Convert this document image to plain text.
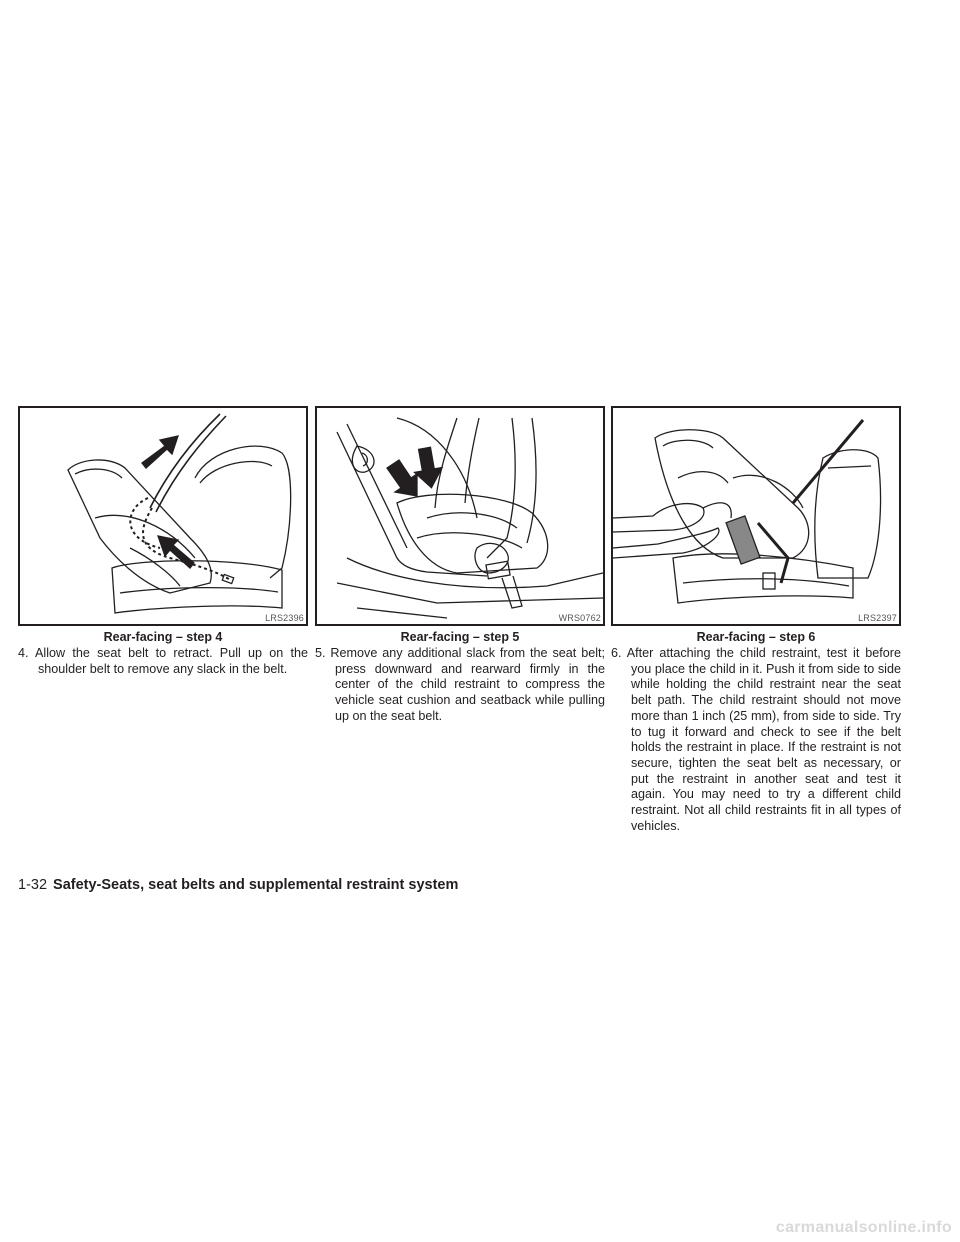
LRS2396
Rear-facing – step 4
4. Allow the seat belt to retract. Pull up on the shoulder belt to remove any slack in the belt.
WRS0762
Rear-facing – step 5
5. Remove any additional slack from the seat belt; press downward and rearward firmly in the center of the child restraint to compress the vehicle seat cushion and seatback while pulling up on the seat belt.
LRS2397
Rear-facing – step 6
6. After attaching the child restraint, test it before you place the child in it. Push it from side to side while holding the child restraint near the seat belt path. The child restraint should not move more than 1 inch (25 mm), from side to side. Try to tug it forward and check to see if the belt holds the restraint in place. If the restraint is not secure, tighten the seat belt as necessary, or put the restraint in another seat and test it again. You may need to try a different child restraint. Not all child restraints fit in all types of vehicles.
1-32 Safety-Seats, seat belts and supplemental restraint system
carmanualsonline.info
